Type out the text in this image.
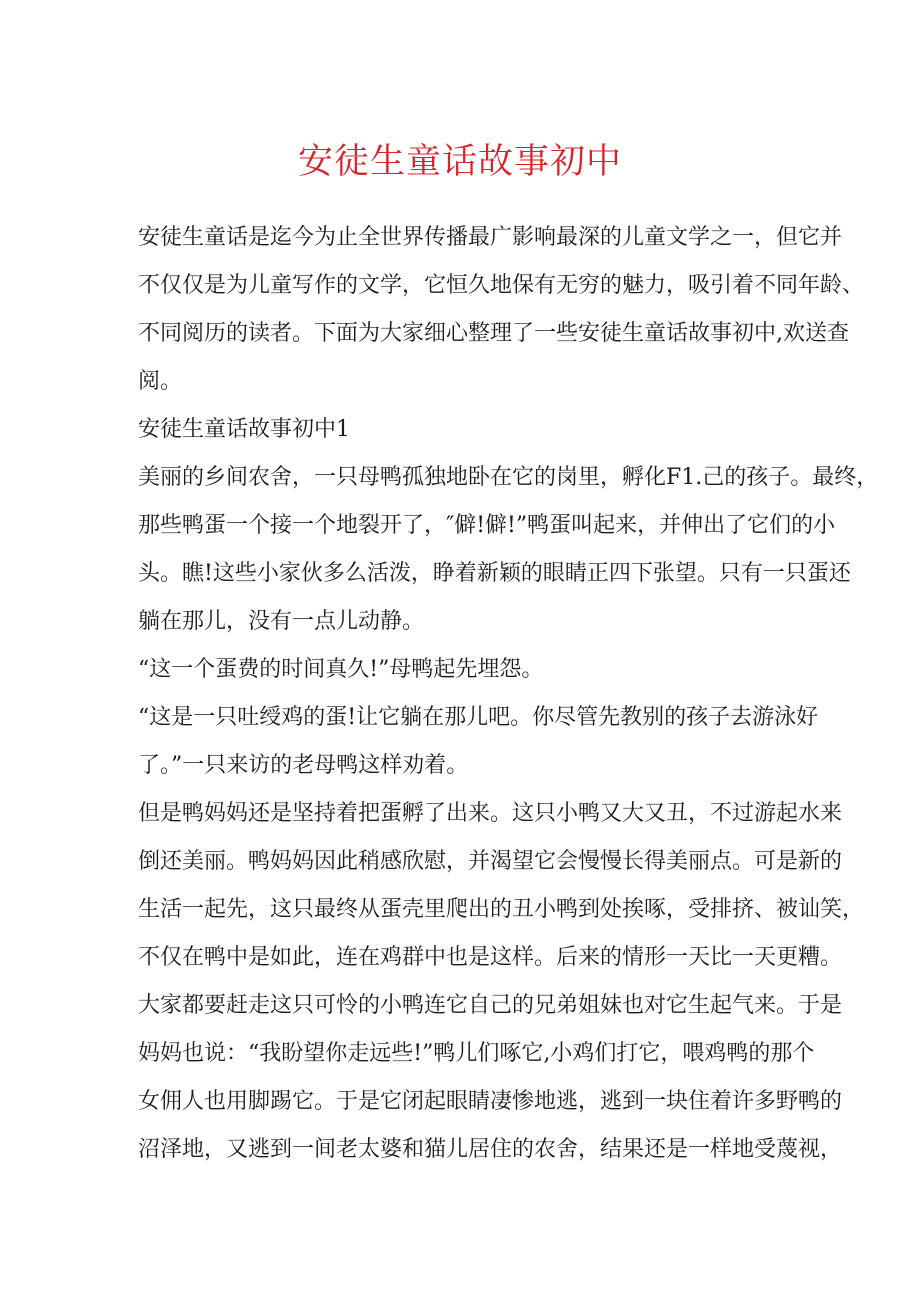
安徒生童话故事初中

安徒生童话是迄今为止全世界传播最广影响最深的儿童文学之一，但它并

不仅仅是为儿童写作的文学，它恒久地保有无穷的魅力，吸引着不同年龄、

不同阅历的读者。下面为大家细心整理了一些安徒生童话故事初中,欢送查

阅。

安徒生童话故事初中1

美丽的乡间农舍，一只母鸭孤独地卧在它的岗里，孵化F1.己的孩子。最终，

那些鸭蛋一个接一个地裂开了，″僻!僻!”鸭蛋叫起来，并伸出了它们的小

头。瞧!这些小家伙多么活泼，睁着新颖的眼睛正四下张望。只有一只蛋还

躺在那儿，没有一点儿动静。

“这一个蛋费的时间真久!”母鸭起先埋怨。

“这是一只吐绶鸡的蛋!让它躺在那儿吧。你尽管先教别的孩子去游泳好

了。”一只来访的老母鸭这样劝着。

但是鸭妈妈还是坚持着把蛋孵了出来。这只小鸭又大又丑，不过游起水来

倒还美丽。鸭妈妈因此稍感欣慰，并渴望它会慢慢长得美丽点。可是新的

生活一起先，这只最终从蛋壳里爬出的丑小鸭到处挨啄，受排挤、被讪笑，

不仅在鸭中是如此，连在鸡群中也是这样。后来的情形一天比一天更糟。

大家都要赶走这只可怜的小鸭连它自己的兄弟姐妹也对它生起气来。于是

妈妈也说：“我盼望你走远些!”鸭儿们啄它,小鸡们打它，喂鸡鸭的那个

女佣人也用脚踢它。于是它闭起眼睛凄惨地逃，逃到一块住着许多野鸭的

沼泽地，又逃到一间老太婆和猫儿居住的农舍，结果还是一样地受蔑视，
